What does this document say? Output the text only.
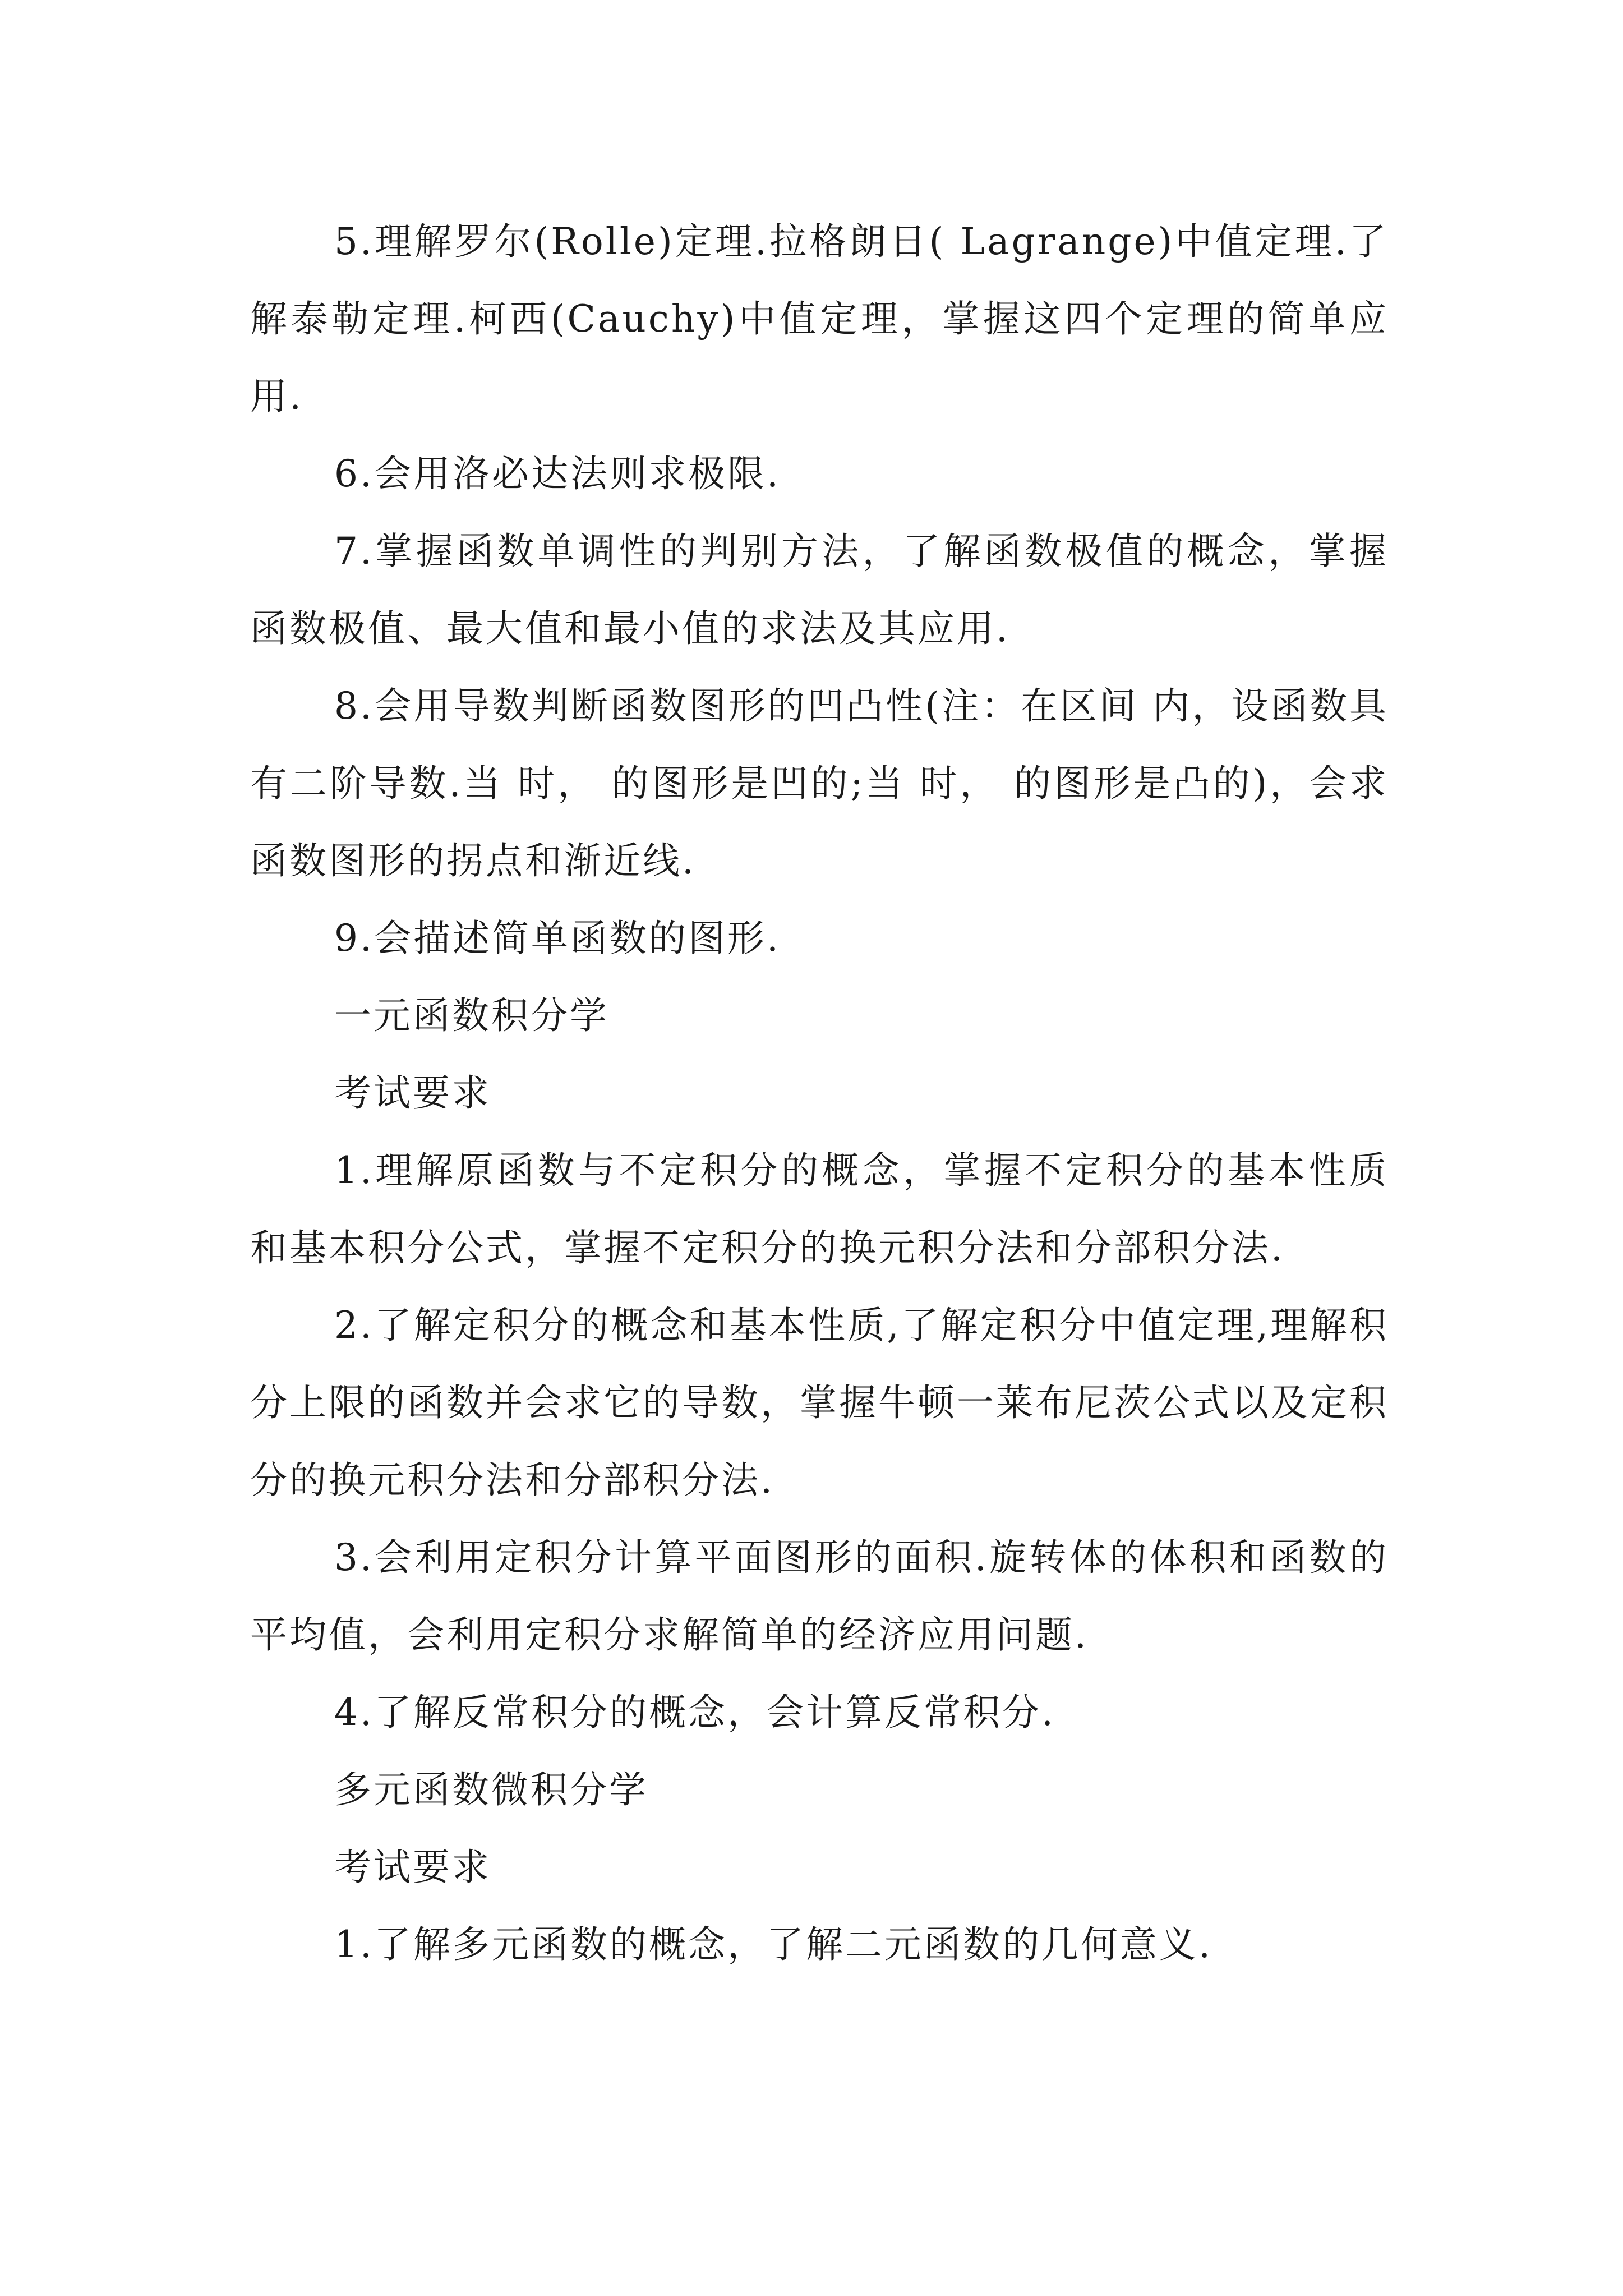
5.理解罗尔(Rolle)定理.拉格朗日( Lagrange)中值定理.了解泰勒定理.柯西(Cauchy)中值定理，掌握这四个定理的简单应用.

6.会用洛必达法则求极限.

7.掌握函数单调性的判别方法，了解函数极值的概念，掌握函数极值、最大值和最小值的求法及其应用.

8.会用导数判断函数图形的凹凸性(注：在区间 内，设函数具有二阶导数.当 时， 的图形是凹的;当 时， 的图形是凸的)，会求函数图形的拐点和渐近线.

9.会描述简单函数的图形.

一元函数积分学

考试要求

1.理解原函数与不定积分的概念，掌握不定积分的基本性质和基本积分公式，掌握不定积分的换元积分法和分部积分法.

2.了解定积分的概念和基本性质,了解定积分中值定理,理解积分上限的函数并会求它的导数，掌握牛顿一莱布尼茨公式以及定积分的换元积分法和分部积分法.

3.会利用定积分计算平面图形的面积.旋转体的体积和函数的平均值，会利用定积分求解简单的经济应用问题.

4.了解反常积分的概念，会计算反常积分.

多元函数微积分学

考试要求

1.了解多元函数的概念，了解二元函数的几何意义.
